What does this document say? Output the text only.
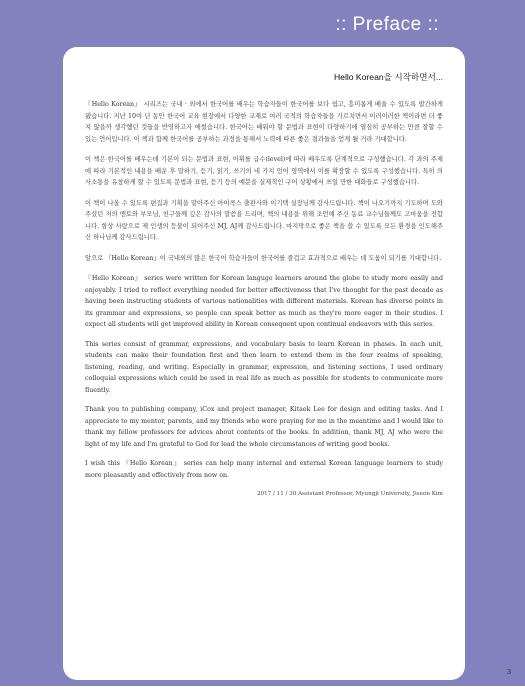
:: Preface ::
Hello Korean을 시작하면서...

『Hello Korean』 시리즈는 국내 · 외에서 한국어를 배우는 학습자들이 한국어를 보다 쉽고, 흥미롭게 배울 수 있도록 발간하게 됐습니다. 지난 10여 년 동안 한국어 교육 현장에서 다양한 교재로 여러 국적의 학습자들을 가르치면서 이러이러한 책이라면 더 좋지 않을까 생각했던 것들을 반영하고자 애썼습니다. 한국어는 배워야 할 문법과 표현이 다양하기에 열심히 공부하는 만큼 잘할 수 있는 언어입니다. 이 책과 함께 한국어를 공부하는 과정을 통해서 노력에 따른 좋은 결과들을 얻게 될 거라 기대합니다.

이 책은 한국어를 배우는데 기본이 되는 문법과 표현, 어휘를 급수(level)에 따라 배우도록 단계적으로 구성했습니다. 각 과의 주제에 따라 기본적인 내용을 배운 후 말하기, 듣기, 읽기, 쓰기의 네 가지 언어 영역에서 이를 확장할 수 있도록 구성했습니다. 특히 의사소통을 유창하게 할 수 있도록 문법과 표현, 듣기 등의 예문을 실제적인 구어 상황에서 쓰일 만한 대화들로 구성했습니다.

이 책이 나올 수 있도록 편집과 기획을 맡아주신 아이콕스 출판사와 이기택 실장님께 감사드립니다. 책이 나오기까지 기도하며 도와주셨던 저의 멘토와 부모님, 친구들께 깊은 감사의 말씀을 드리며, 책의 내용을 위해 조언해 주신 동료 교수님들께도 고마움을 전합니다. 항상 사랑으로 제 인생의 등불이 되어주신 MJ, AJ께 감사드립니다. 마지막으로 좋은 책을 쓸 수 있도록 모든 환경을 인도해주신 하나님께 감사드립니다.

앞으로 『Hello Korean』이 국내외의 많은 한국어 학습자들이 한국어를 즐겁고 효과적으로 배우는 데 도움이 되기를 기대합니다.

『Hello Korean』 series were written for Korean languge learners around the globe to study more easily and enjoyably. I tried to reflect everything needed for better effectiveness that I've thought for the past decade as having been instructing students of various nationalities with different materials. Korean has diverse points in its grammar and expressions, so people can speak better as much as they're more eager in their studies. I expect all students will get improved ability in Korean consequent upon continual endeavors with this series.

This series consist of grammar, expressions, and vocabulary basis to learn Korean in phases. In each unit, students can make their foundation first and then learn to extend them in the four realms of speaking, listening, reading, and writing. Especially in grammar, expression, and listening sections, I used ordinary colloquial expressions which could be used in real life as much as possible for students to communicate more fluently.

Thank you to publishing company, iCox and project manager, Kitaek Lee for design and editing tasks. And I appreciate to my mentor, parents, and my friends who were praying for me in the meantime and I would like to thank my fellow professors for advices about contents of the books. In addition, thank MJ, AJ who were the light of my life and I'm grateful to God for lead the whole circumstances of writing good books.

I wish this 『Hello Korean』 series can help many internal and external Korean language learners to study more pleasantly and effectively from now on.

2017 / 11 / 30 Assistant Professor, Myungji University, Jiseon Kim
3
